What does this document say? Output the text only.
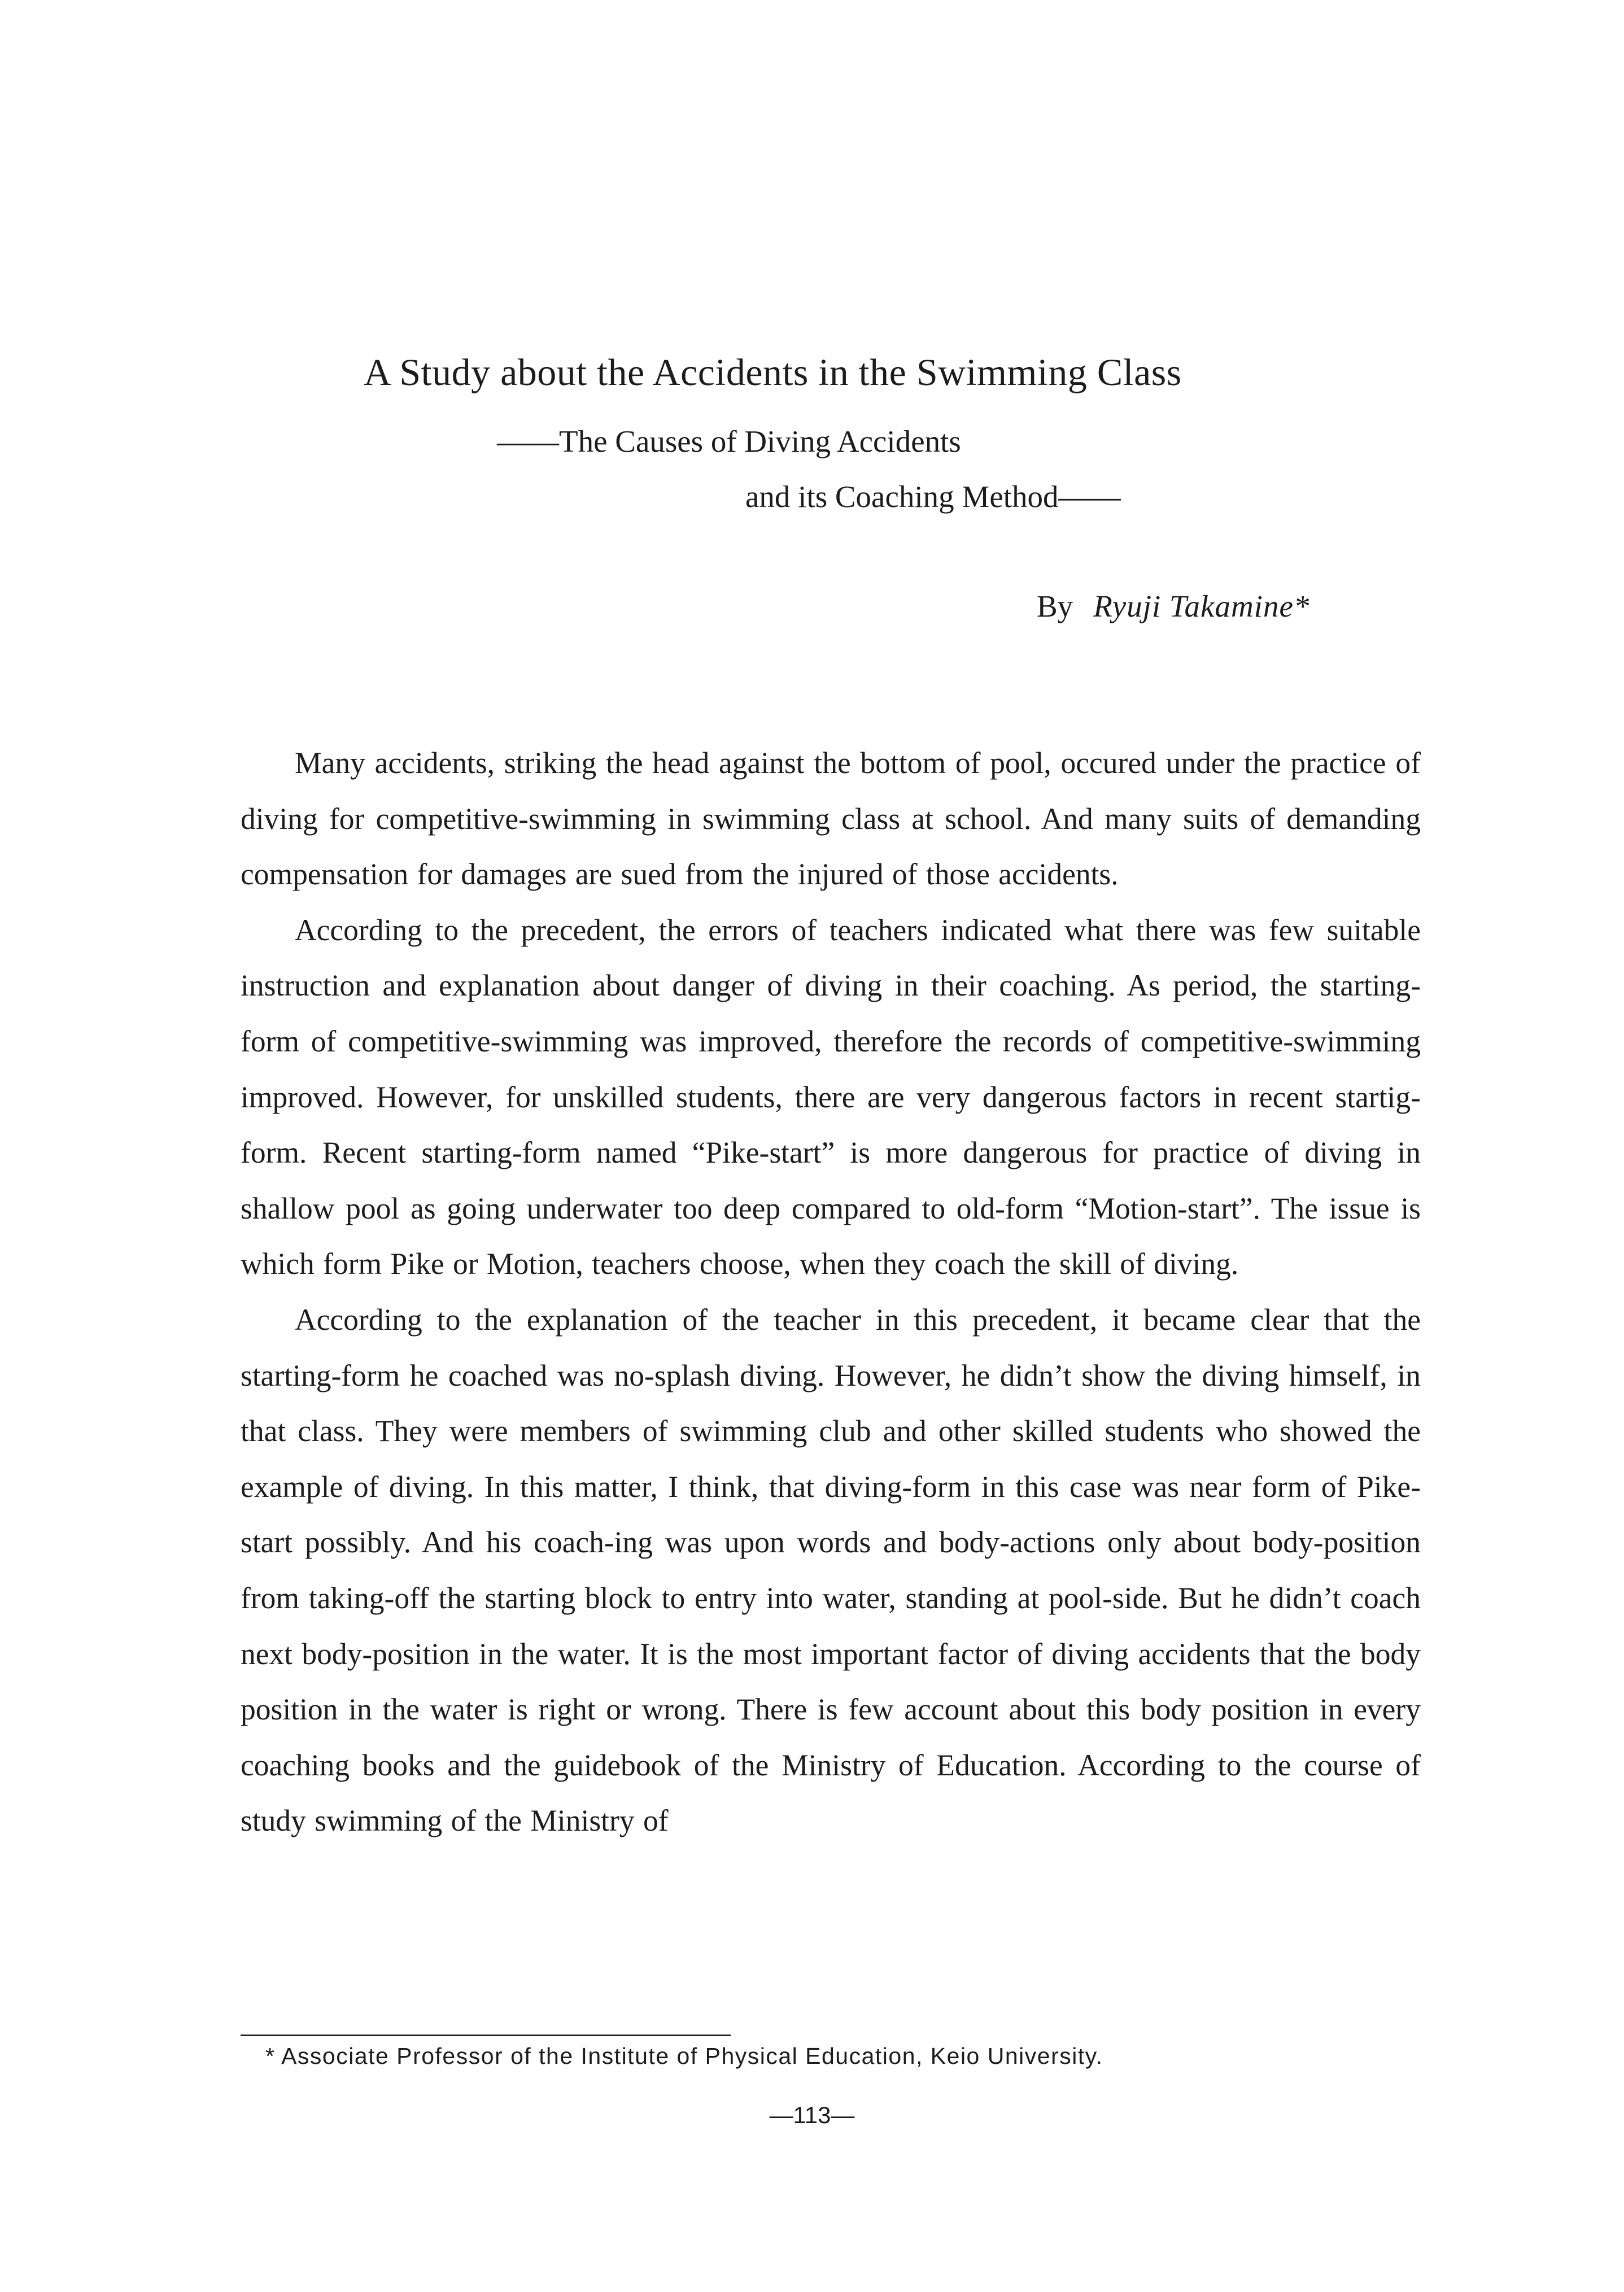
A Study about the Accidents in the Swimming Class
——The Causes of Diving Accidents
and its Coaching Method——
By Ryuji Takamine*

Many accidents, striking the head against the bottom of pool, occured under the practice of diving for competitive-swimming in swimming class at school. And many suits of demanding compensation for damages are sued from the injured of those accidents.

According to the precedent, the errors of teachers indicated what there was few suitable instruction and explanation about danger of diving in their coaching. As period, the starting-form of competitive-swimming was improved, therefore the records of competitive-swimming improved. However, for unskilled students, there are very dangerous factors in recent startig-form. Recent starting-form named “Pike-start” is more dangerous for practice of diving in shallow pool as going underwater too deep compared to old-form “Motion-start”. The issue is which form Pike or Motion, teachers choose, when they coach the skill of diving.

According to the explanation of the teacher in this precedent, it became clear that the starting-form he coached was no-splash diving. However, he didn’t show the diving himself, in that class. They were members of swimming club and other skilled students who showed the example of diving. In this matter, I think, that diving-form in this case was near form of Pike-start possibly. And his coach-ing was upon words and body-actions only about body-position from taking-off the starting block to entry into water, standing at pool-side. But he didn’t coach next body-position in the water. It is the most important factor of diving accidents that the body position in the water is right or wrong. There is few account about this body position in every coaching books and the guidebook of the Ministry of Education. According to the course of study swimming of the Ministry of

* Associate Professor of the Institute of Physical Education, Keio University.
—113—
